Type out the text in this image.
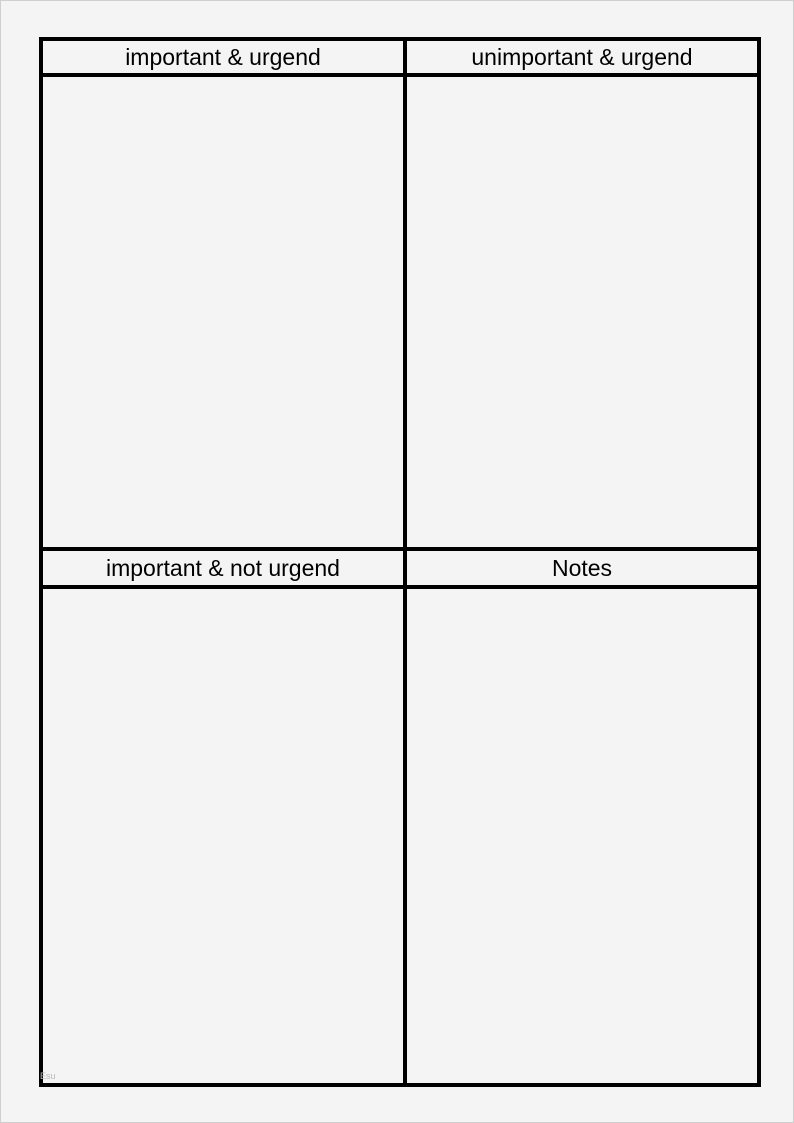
important & urgend	unimportant & urgend
important & not urgend	Notes
Esu
